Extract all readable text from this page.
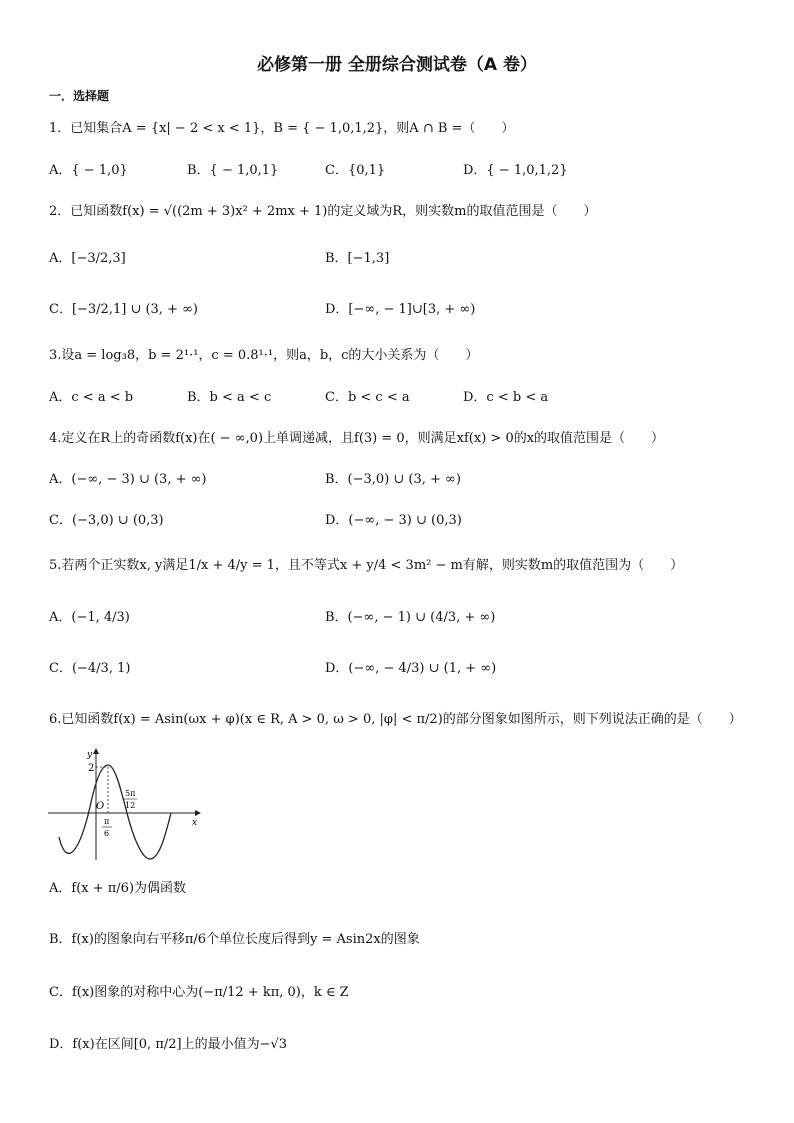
必修第一册 全册综合测试卷（A 卷）
一．选择题
1．已知集合A = {x| − 2 < x < 1}，B = { − 1,0,1,2}，则A ∩ B =（　　）
A．{ − 1,0}	B．{ − 1,0,1}	C．{0,1}	D．{ − 1,0,1,2}
2．已知函数f(x) = √((2m + 3)x² + 2mx + 1)的定义域为R，则实数m的取值范围是（　　）
A．[−3/2,3]	B．[−1,3]
C．[−3/2,1] ∪ (3, + ∞)	D．[−∞, − 1]∪[3, + ∞)
3.设a = log₃8，b = 2¹·¹，c = 0.8¹·¹，则a，b，c的大小关系为（　　）
A．c < a < b	B．b < a < c	C．b < c < a	D．c < b < a
4.定义在R上的奇函数f(x)在( − ∞,0)上单调递减，且f(3) = 0，则满足xf(x) > 0的x的取值范围是（　　）
A．(−∞, − 3) ∪ (3, + ∞)	B．(−3,0) ∪ (3, + ∞)
C．(−3,0) ∪ (0,3)	D．(−∞, − 3) ∪ (0,3)
5.若两个正实数x, y满足1/x + 4/y = 1，且不等式x + y/4 < 3m² − m有解，则实数m的取值范围为（　　）
A．(−1, 4/3)	B．(−∞, − 1) ∪ (4/3, + ∞)
C．(−4/3, 1)	D．(−∞, − 4/3) ∪ (1, + ∞)
6.已知函数f(x) = Asin(ωx + φ)(x ∈ R, A > 0, ω > 0, |φ| < π/2)的部分图象如图所示，则下列说法正确的是（　　）
y
x
O
2
π
6
5π
12
A．f(x + π/6)为偶函数
B．f(x)的图象向右平移π/6个单位长度后得到y = Asin2x的图象
C．f(x)图象的对称中心为(−π/12 + kπ, 0)，k ∈ Z
D．f(x)在区间[0, π/2]上的最小值为−√3
